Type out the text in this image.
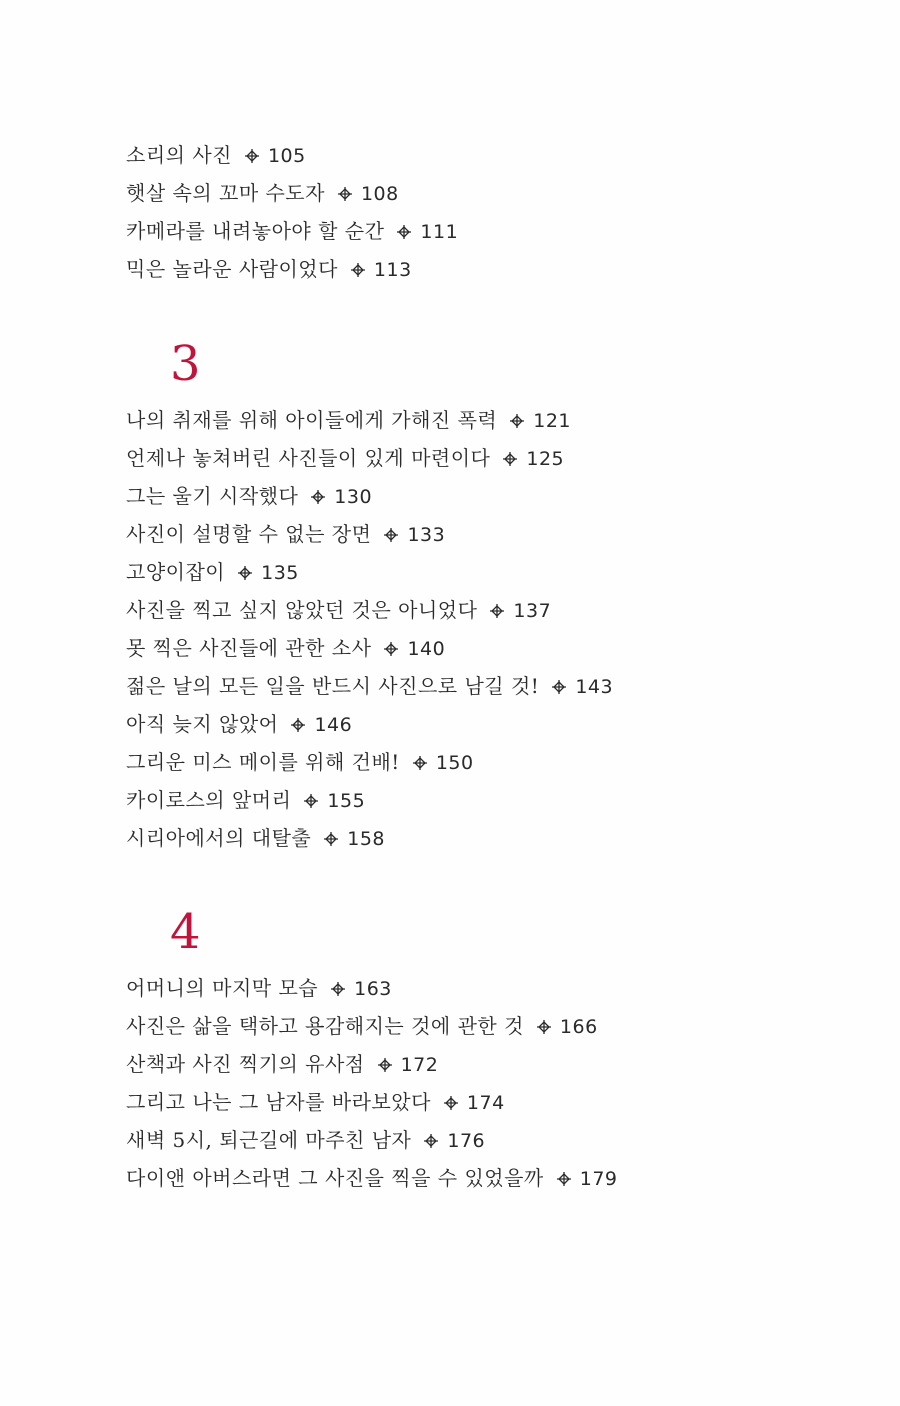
소리의 사진 105
햇살 속의 꼬마 수도자 108
카메라를 내려놓아야 할 순간 111
믹은 놀라운 사람이었다 113
3
나의 취재를 위해 아이들에게 가해진 폭력 121
언제나 놓쳐버린 사진들이 있게 마련이다 125
그는 울기 시작했다 130
사진이 설명할 수 없는 장면 133
고양이잡이 135
사진을 찍고 싶지 않았던 것은 아니었다 137
못 찍은 사진들에 관한 소사 140
젊은 날의 모든 일을 반드시 사진으로 남길 것! 143
아직 늦지 않았어 146
그리운 미스 메이를 위해 건배! 150
카이로스의 앞머리 155
시리아에서의 대탈출 158
4
어머니의 마지막 모습 163
사진은 삶을 택하고 용감해지는 것에 관한 것 166
산책과 사진 찍기의 유사점 172
그리고 나는 그 남자를 바라보았다 174
새벽 5시, 퇴근길에 마주친 남자 176
다이앤 아버스라면 그 사진을 찍을 수 있었을까 179
